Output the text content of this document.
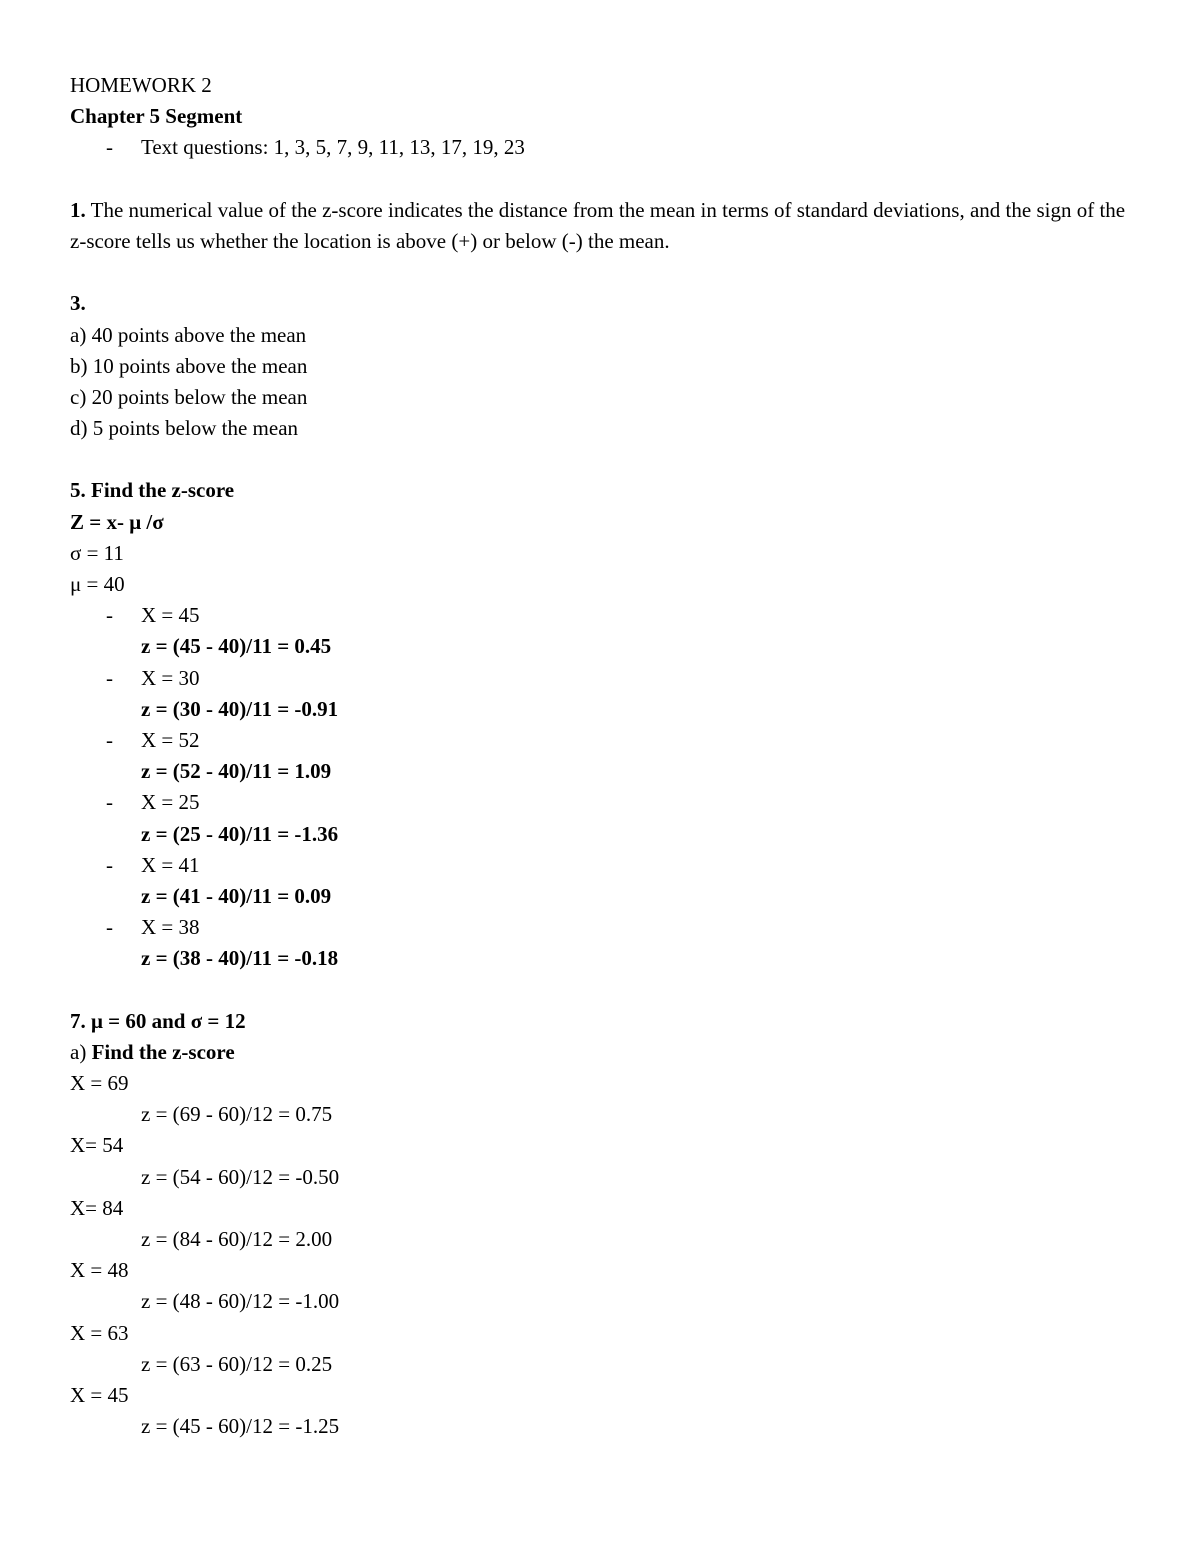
HOMEWORK 2
Chapter 5 Segment
- Text questions: 1, 3, 5, 7, 9, 11, 13, 17, 19, 23
1. The numerical value of the z-score indicates the distance from the mean in terms of standard deviations, and the sign of the z-score tells us whether the location is above (+) or below (-) the mean.
3.
a) 40 points above the mean
b) 10 points above the mean
c) 20 points below the mean
d) 5 points below the mean
5. Find the z-score
Z = x- μ /σ
σ = 11
μ = 40
- X = 45
z = (45 - 40)/11 = 0.45
- X = 30
z = (30 - 40)/11 = -0.91
- X = 52
z = (52 - 40)/11 = 1.09
- X = 25
z = (25 - 40)/11 = -1.36
- X = 41
z = (41 - 40)/11 = 0.09
- X = 38
z = (38 - 40)/11 = -0.18
7. μ = 60 and σ = 12
a) Find the z-score
X = 69
z = (69 - 60)/12 = 0.75
X= 54
z = (54 - 60)/12 = -0.50
X= 84
z = (84 - 60)/12 = 2.00
X = 48
z = (48 - 60)/12 = -1.00
X = 63
z = (63 - 60)/12 = 0.25
X = 45
z = (45 - 60)/12 = -1.25
